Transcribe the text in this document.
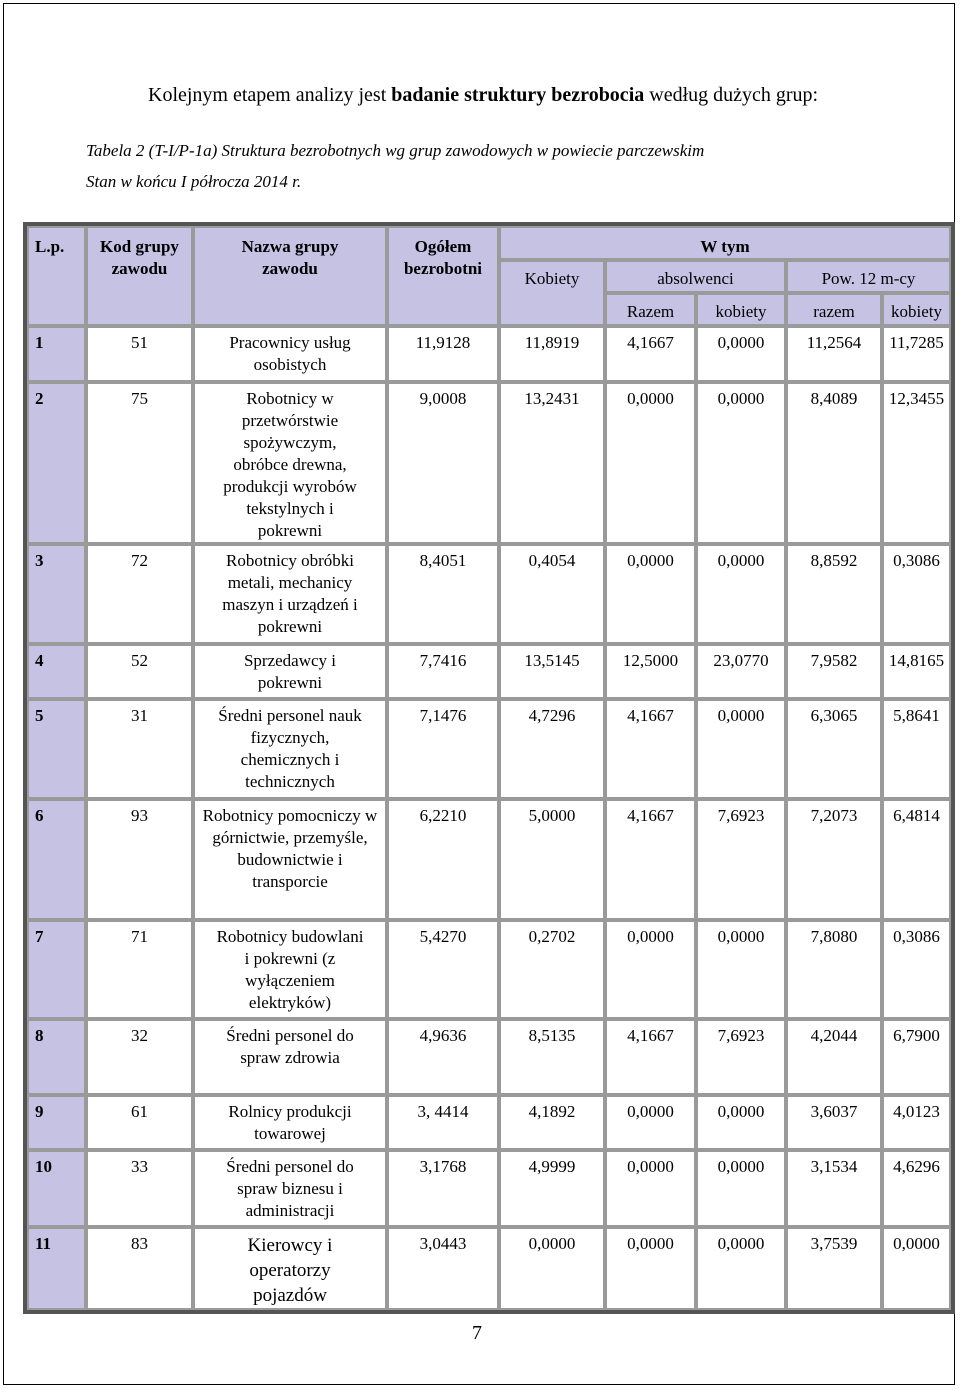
Kolejnym etapem analizy jest badanie struktury bezrobocia według dużych grup:
Tabela 2 (T-I/P-1a) Struktura bezrobotnych wg grup zawodowych w powiecie parczewskim
Stan w końcu I półrocza 2014 r.
L.p.	Kod grupy zawodu	Nazwa grupy zawodu	Ogółem bezrobotni	W tym				
				Kobiety	absolwenci		Pow. 12 m-cy	
					Razem	kobiety	razem	kobiety
1	51	Pracownicy usług osobistych	11,9128	11,8919	4,1667	0,0000	11,2564	11,7285
2	75	Robotnicy w przetwórstwie spożywczym, obróbce drewna, produkcji wyrobów tekstylnych i pokrewni	9,0008	13,2431	0,0000	0,0000	8,4089	12,3455
3	72	Robotnicy obróbki metali, mechanicy maszyn i urządzeń i pokrewni	8,4051	0,4054	0,0000	0,0000	8,8592	0,3086
4	52	Sprzedawcy i pokrewni	7,7416	13,5145	12,5000	23,0770	7,9582	14,8165
5	31	Średni personel nauk fizycznych, chemicznych i technicznych	7,1476	4,7296	4,1667	0,0000	6,3065	5,8641
6	93	Robotnicy pomocniczy w górnictwie, przemyśle, budownictwie i transporcie	6,2210	5,0000	4,1667	7,6923	7,2073	6,4814
7	71	Robotnicy budowlani i pokrewni (z wyłączeniem elektryków)	5,4270	0,2702	0,0000	0,0000	7,8080	0,3086
8	32	Średni personel do spraw zdrowia	4,9636	8,5135	4,1667	7,6923	4,2044	6,7900
9	61	Rolnicy produkcji towarowej	3, 4414	4,1892	0,0000	0,0000	3,6037	4,0123
10	33	Średni personel do spraw biznesu i administracji	3,1768	4,9999	0,0000	0,0000	3,1534	4,6296
11	83	Kierowcy i operatorzy pojazdów	3,0443	0,0000	0,0000	0,0000	3,7539	0,0000
7
